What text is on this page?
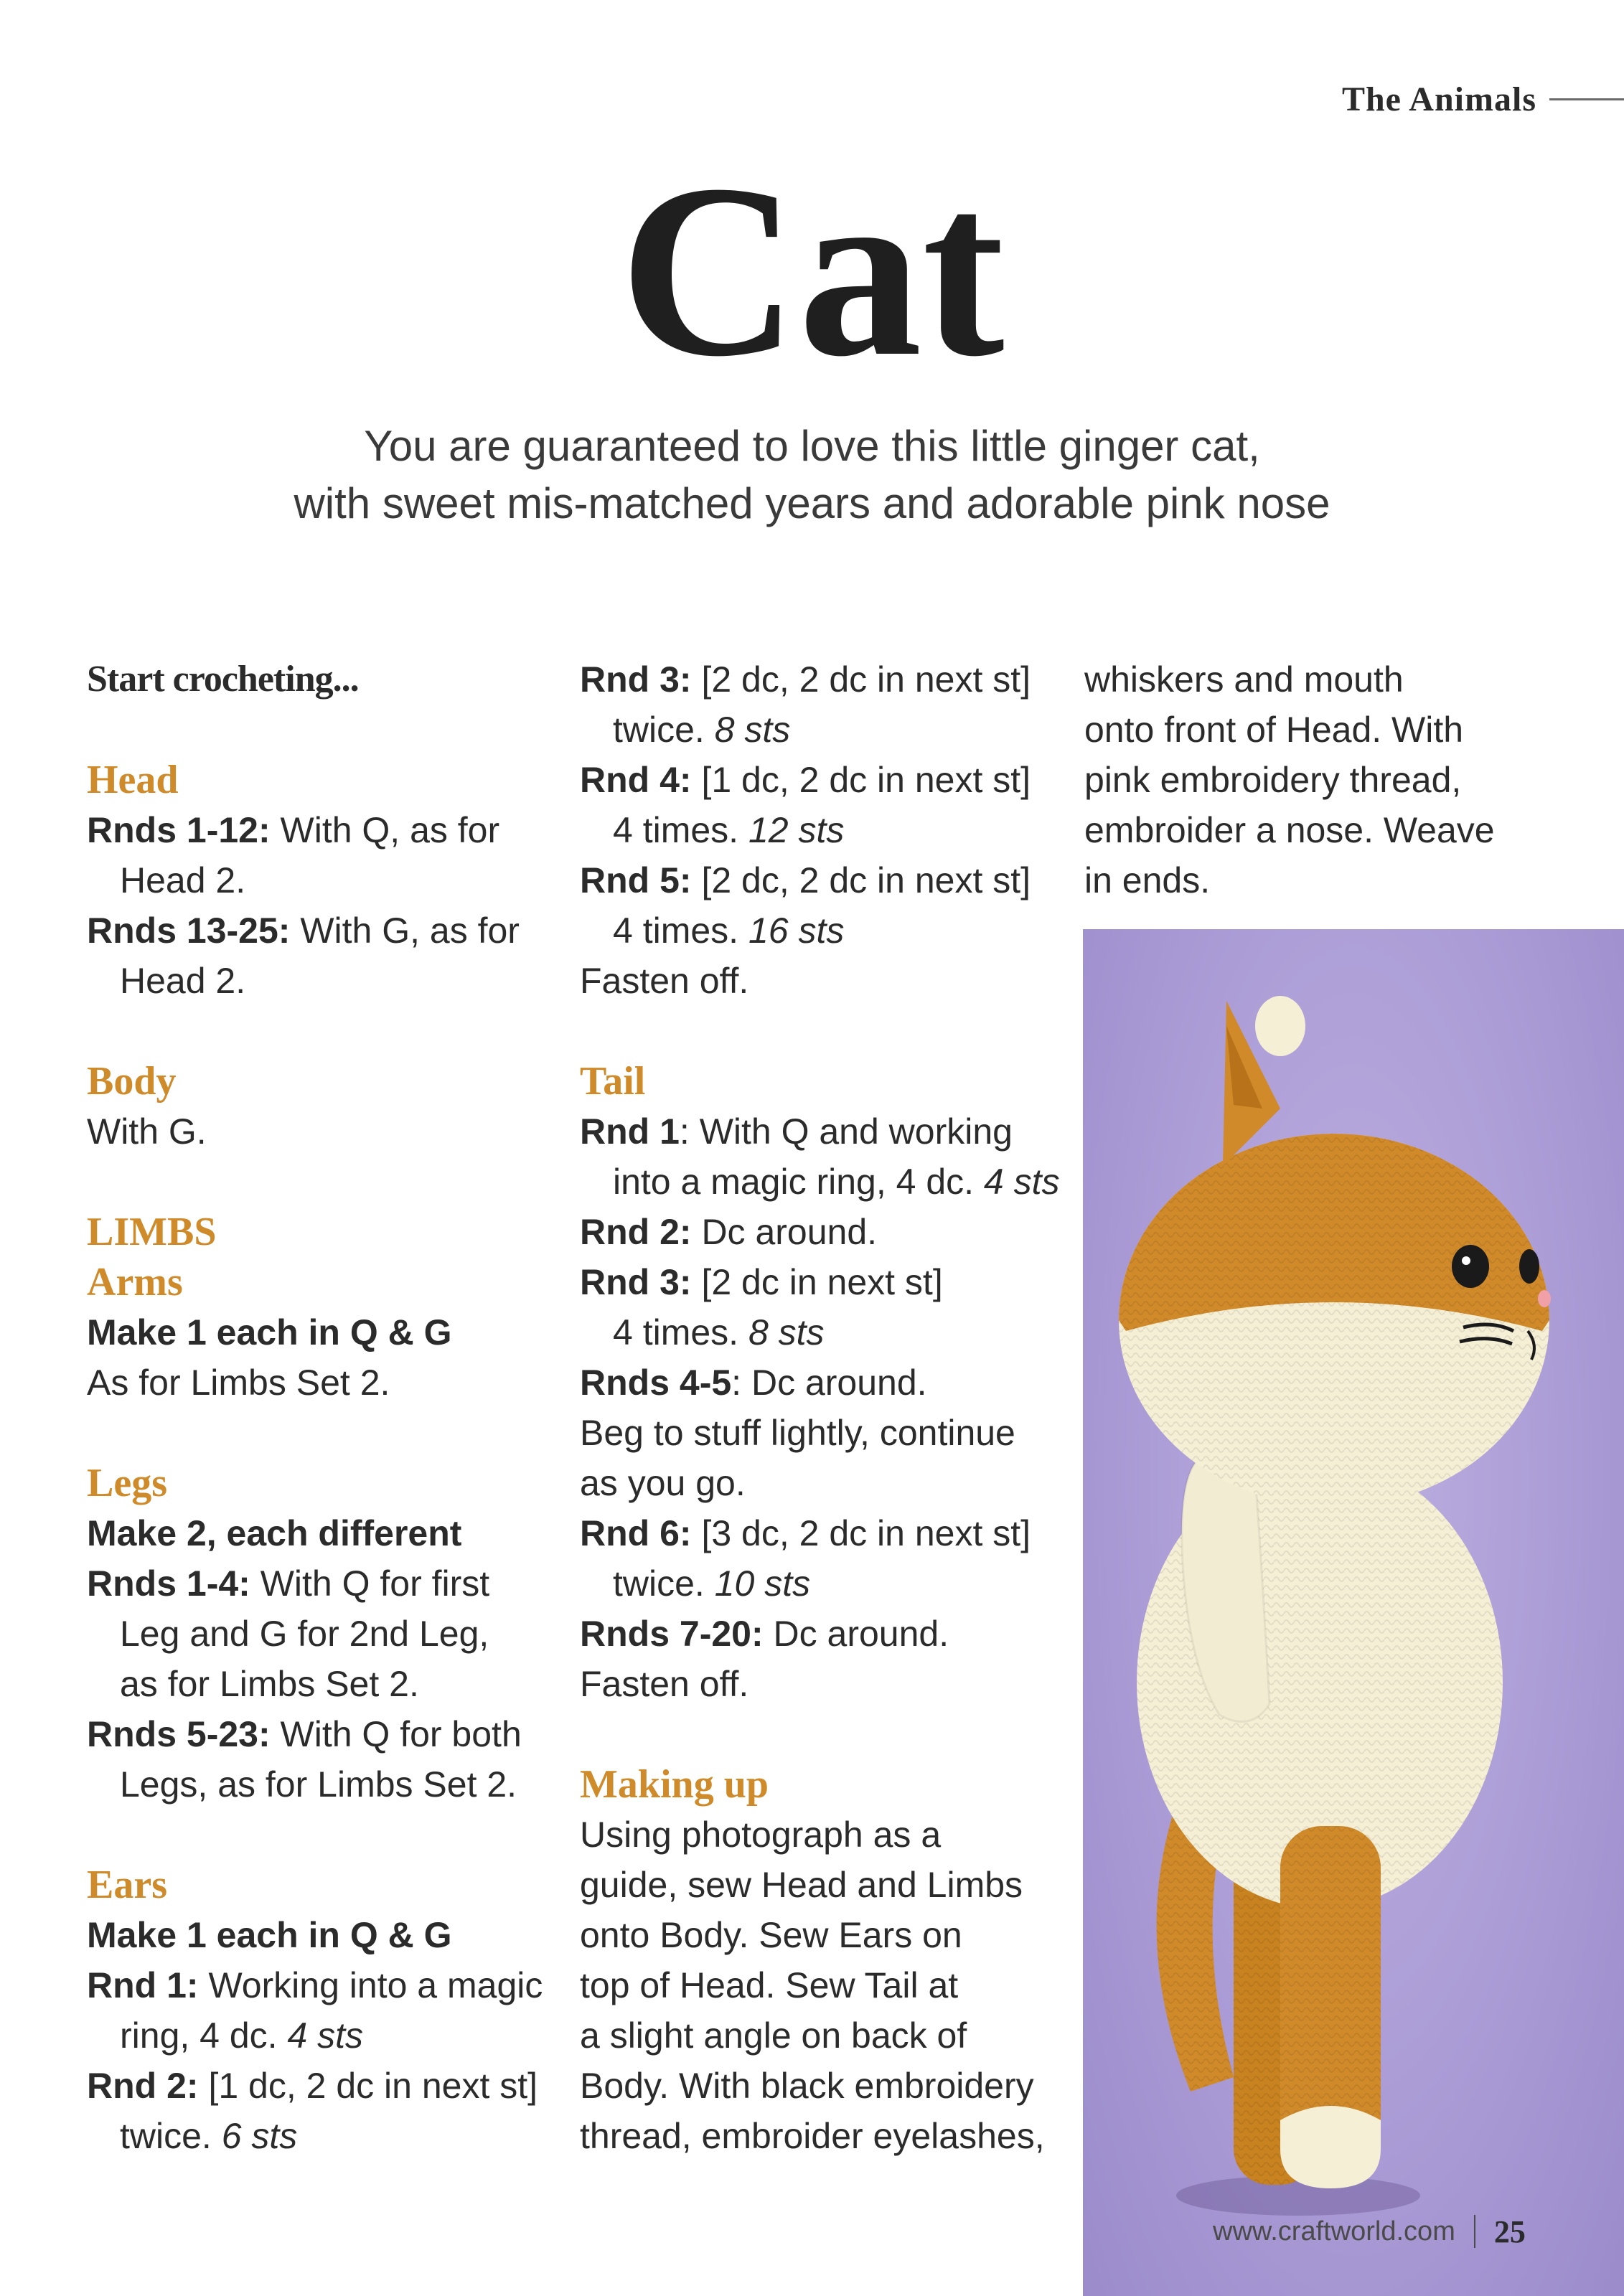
The Animals
Cat

You are guaranteed to love this little ginger cat,

with sweet mis-matched years and adorable pink nose

Start crocheting...
Head
Rnds 1-12: With Q, as for
Head 2.
Rnds 13-25: With G, as for
Head 2.
Body
With G.
LIMBS
Arms
Make 1 each in Q & G
As for Limbs Set 2.
Legs
Make 2, each different
Rnds 1-4: With Q for first
Leg and G for 2nd Leg,
as for Limbs Set 2.
Rnds 5-23: With Q for both
Legs, as for Limbs Set 2.
Ears
Make 1 each in Q & G
Rnd 1: Working into a magic
ring, 4 dc. 4 sts
Rnd 2: [1 dc, 2 dc in next st]
twice. 6 sts
Rnd 3: [2 dc, 2 dc in next st]
twice. 8 sts
Rnd 4: [1 dc, 2 dc in next st]
4 times. 12 sts
Rnd 5: [2 dc, 2 dc in next st]
4 times. 16 sts
Fasten off.
Tail
Rnd 1: With Q and working
into a magic ring, 4 dc. 4 sts
Rnd 2: Dc around.
Rnd 3: [2 dc in next st]
4 times. 8 sts
Rnds 4-5: Dc around.
Beg to stuff lightly, continue
as you go.
Rnd 6: [3 dc, 2 dc in next st]
twice. 10 sts
Rnds 7-20: Dc around.
Fasten off.
Making up
Using photograph as a
guide, sew Head and Limbs
onto Body. Sew Ears on
top of Head. Sew Tail at
a slight angle on back of
Body. With black embroidery
thread, embroider eyelashes,
whiskers and mouth
onto front of Head. With
pink embroidery thread,
embroider a nose. Weave
in ends.
www.craftworld.com 25
